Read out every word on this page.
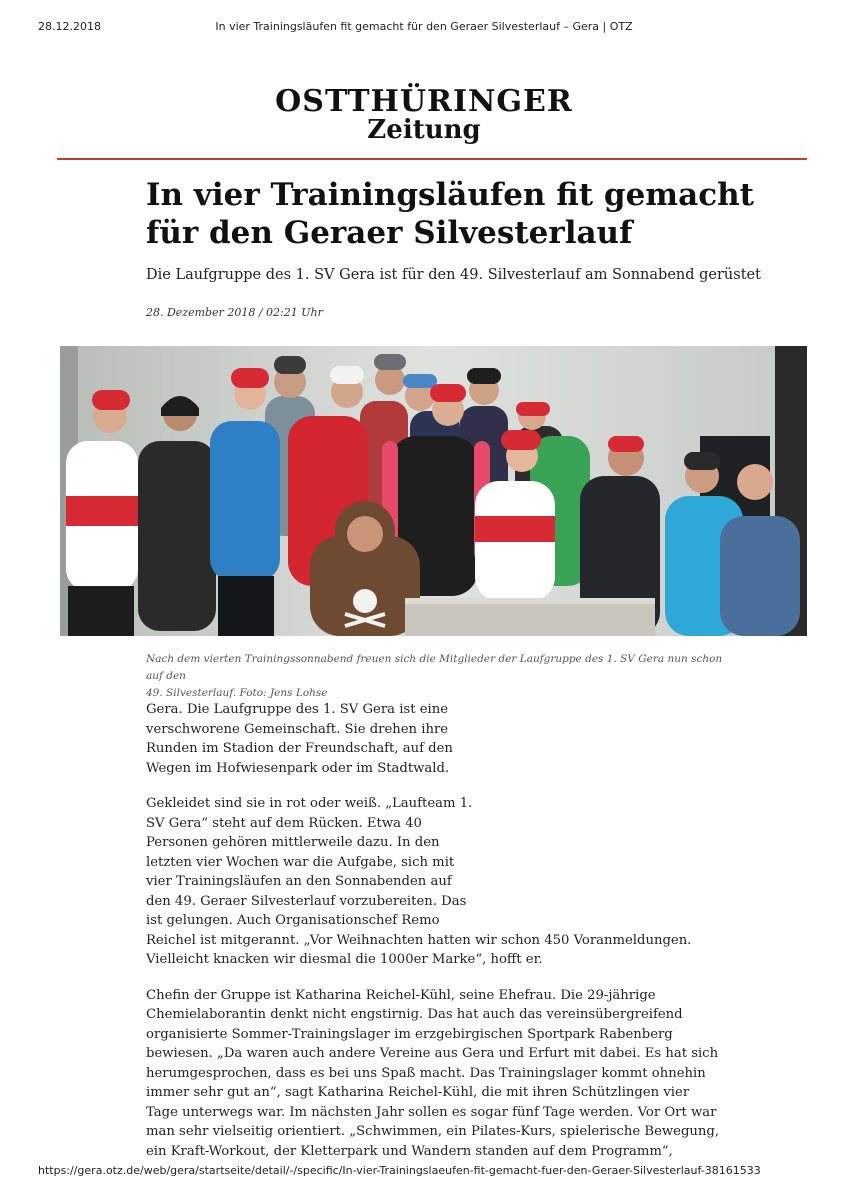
28.12.2018	In vier Trainingsläufen fit gemacht für den Geraer Silvesterlauf – Gera | OTZ
OSTTHÜRINGER
Zeitung
In vier Trainingsläufen fit gemacht
für den Geraer Silvesterlauf
Die Laufgruppe des 1. SV Gera ist für den 49. Silvesterlauf am Sonnabend gerüstet
28. Dezember 2018 / 02:21 Uhr
Nach dem vierten Trainingssonnabend freuen sich die Mitglieder der Laufgruppe des 1. SV Gera nun schon auf den
49. Silvesterlauf. Foto: Jens Lohse

Gera. Die Laufgruppe des 1. SV Gera ist eine
verschworene Gemeinschaft. Sie drehen ihre
Runden im Stadion der Freundschaft, auf den
Wegen im Hofwiesenpark oder im Stadtwald.

Gekleidet sind sie in rot oder weiß. „Laufteam 1.
SV Gera“ steht auf dem Rücken. Etwa 40
Personen gehören mittlerweile dazu. In den
letzten vier Wochen war die Aufgabe, sich mit
vier Trainingsläufen an den Sonnabenden auf
den 49. Geraer Silvesterlauf vorzubereiten. Das
ist gelungen. Auch Organisationschef Remo
Reichel ist mitgerannt. „Vor Weihnachten hatten wir schon 450 Voranmeldungen.
Vielleicht knacken wir diesmal die 1000er Marke“, hofft er.

Chefin der Gruppe ist Katharina Reichel-Kühl, seine Ehefrau. Die 29-jährige
Chemielaborantin denkt nicht engstirnig. Das hat auch das vereinsübergreifend
organisierte Sommer-Trainingslager im erzgebirgischen Sportpark Rabenberg
bewiesen. „Da waren auch andere Vereine aus Gera und Erfurt mit dabei. Es hat sich
herumgesprochen, dass es bei uns Spaß macht. Das Trainingslager kommt ohnehin
immer sehr gut an“, sagt Katharina Reichel-Kühl, die mit ihren Schützlingen vier
Tage unterwegs war. Im nächsten Jahr sollen es sogar fünf Tage werden. Vor Ort war
man sehr vielseitig orientiert. „Schwimmen, ein Pilates-Kurs, spielerische Bewegung,
ein Kraft-Workout, der Kletterpark und Wandern standen auf dem Programm“,

https://gera.otz.de/web/gera/startseite/detail/-/specific/In-vier-Trainingslaeufen-fit-gemacht-fuer-den-Geraer-Silvesterlauf-38161533
